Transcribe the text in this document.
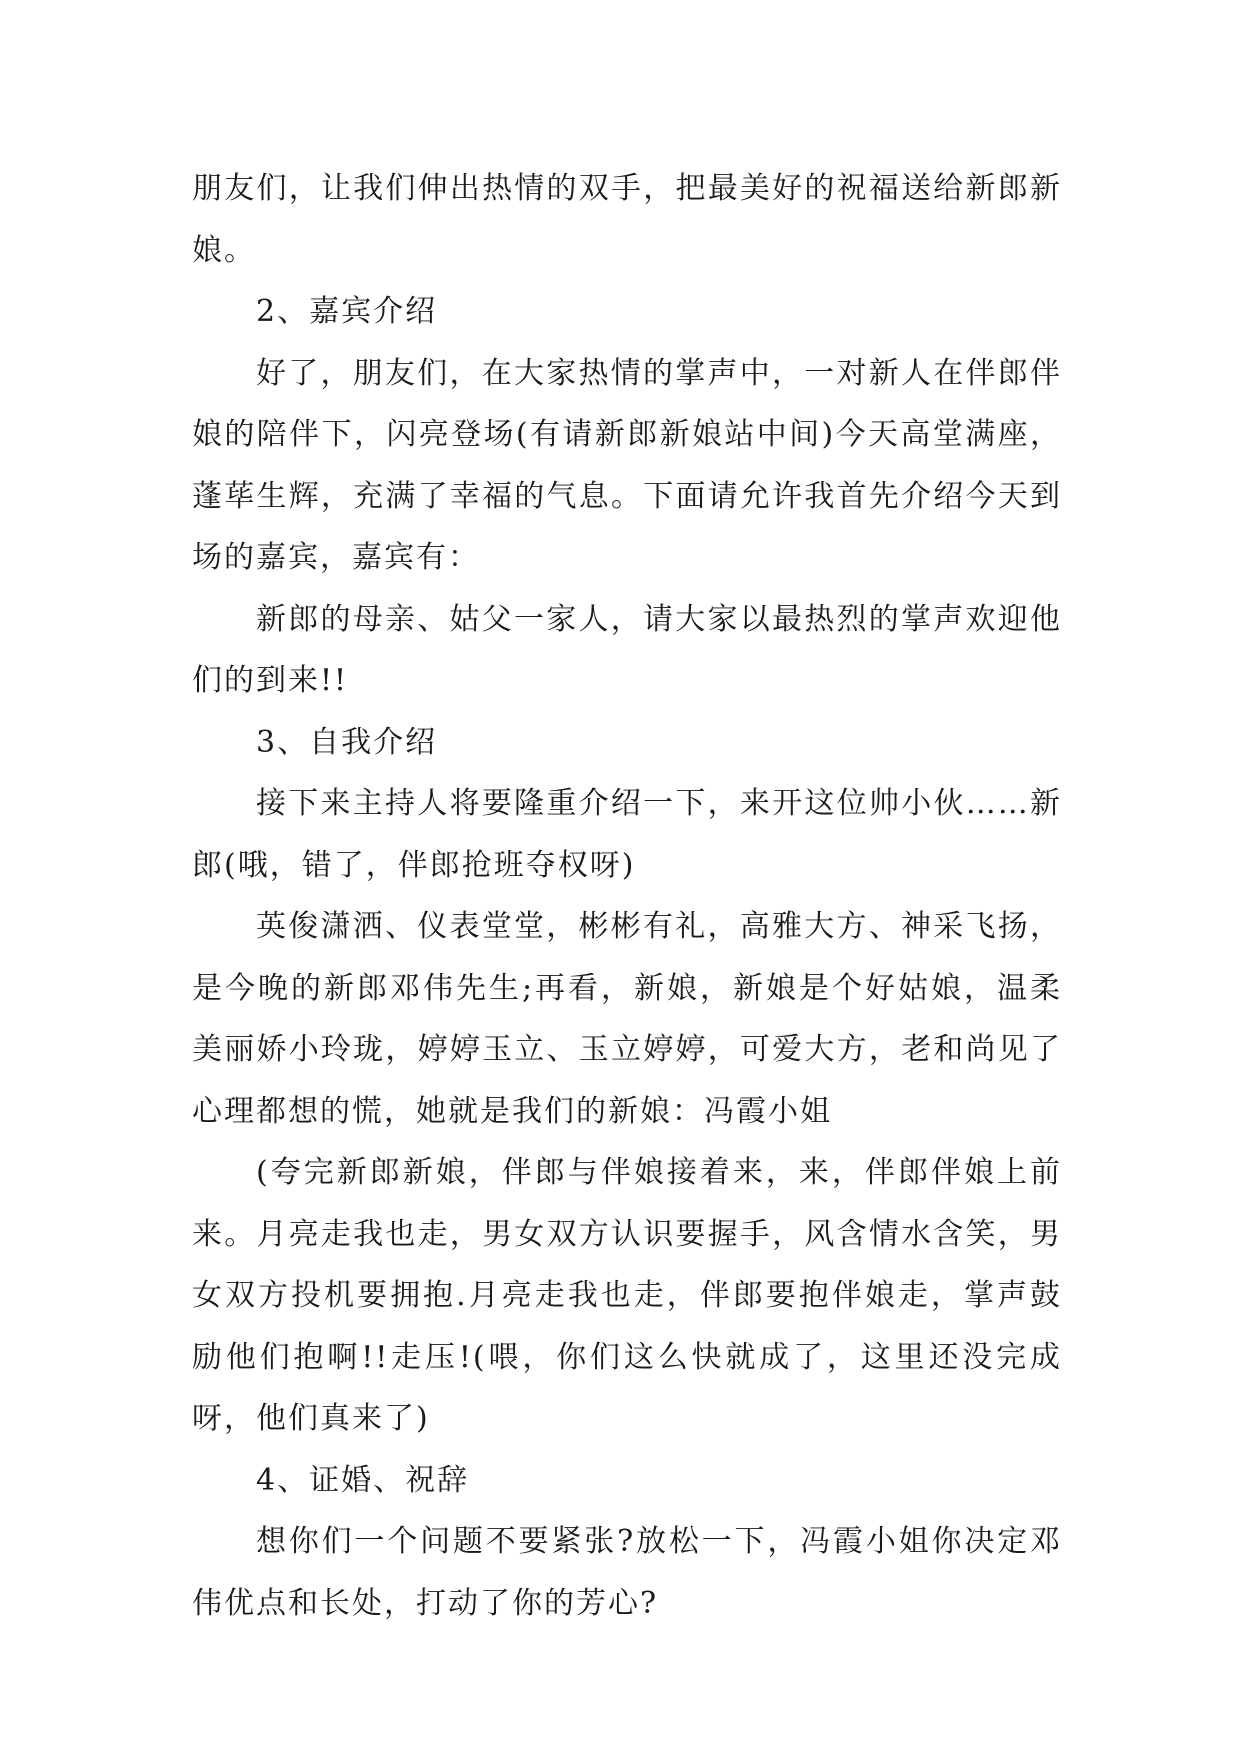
朋友们，让我们伸出热情的双手，把最美好的祝福送给新郎新娘。

2、嘉宾介绍

好了，朋友们，在大家热情的掌声中，一对新人在伴郎伴娘的陪伴下，闪亮登场(有请新郎新娘站中间)今天高堂满座，蓬荜生辉，充满了幸福的气息。下面请允许我首先介绍今天到场的嘉宾，嘉宾有：

新郎的母亲、姑父一家人，请大家以最热烈的掌声欢迎他们的到来!!

3、自我介绍

接下来主持人将要隆重介绍一下，来开这位帅小伙……新郎(哦，错了，伴郎抢班夺权呀)

英俊潇洒、仪表堂堂，彬彬有礼，高雅大方、神采飞扬，是今晚的新郎邓伟先生;再看，新娘，新娘是个好姑娘，温柔美丽娇小玲珑，婷婷玉立、玉立婷婷，可爱大方，老和尚见了心理都想的慌，她就是我们的新娘：冯霞小姐

(夸完新郎新娘，伴郎与伴娘接着来，来，伴郎伴娘上前来。月亮走我也走，男女双方认识要握手，风含情水含笑，男女双方投机要拥抱.月亮走我也走，伴郎要抱伴娘走，掌声鼓励他们抱啊!!走压!(喂，你们这么快就成了，这里还没完成呀，他们真来了)

4、证婚、祝辞

想你们一个问题不要紧张?放松一下，冯霞小姐你决定邓伟优点和长处，打动了你的芳心?
